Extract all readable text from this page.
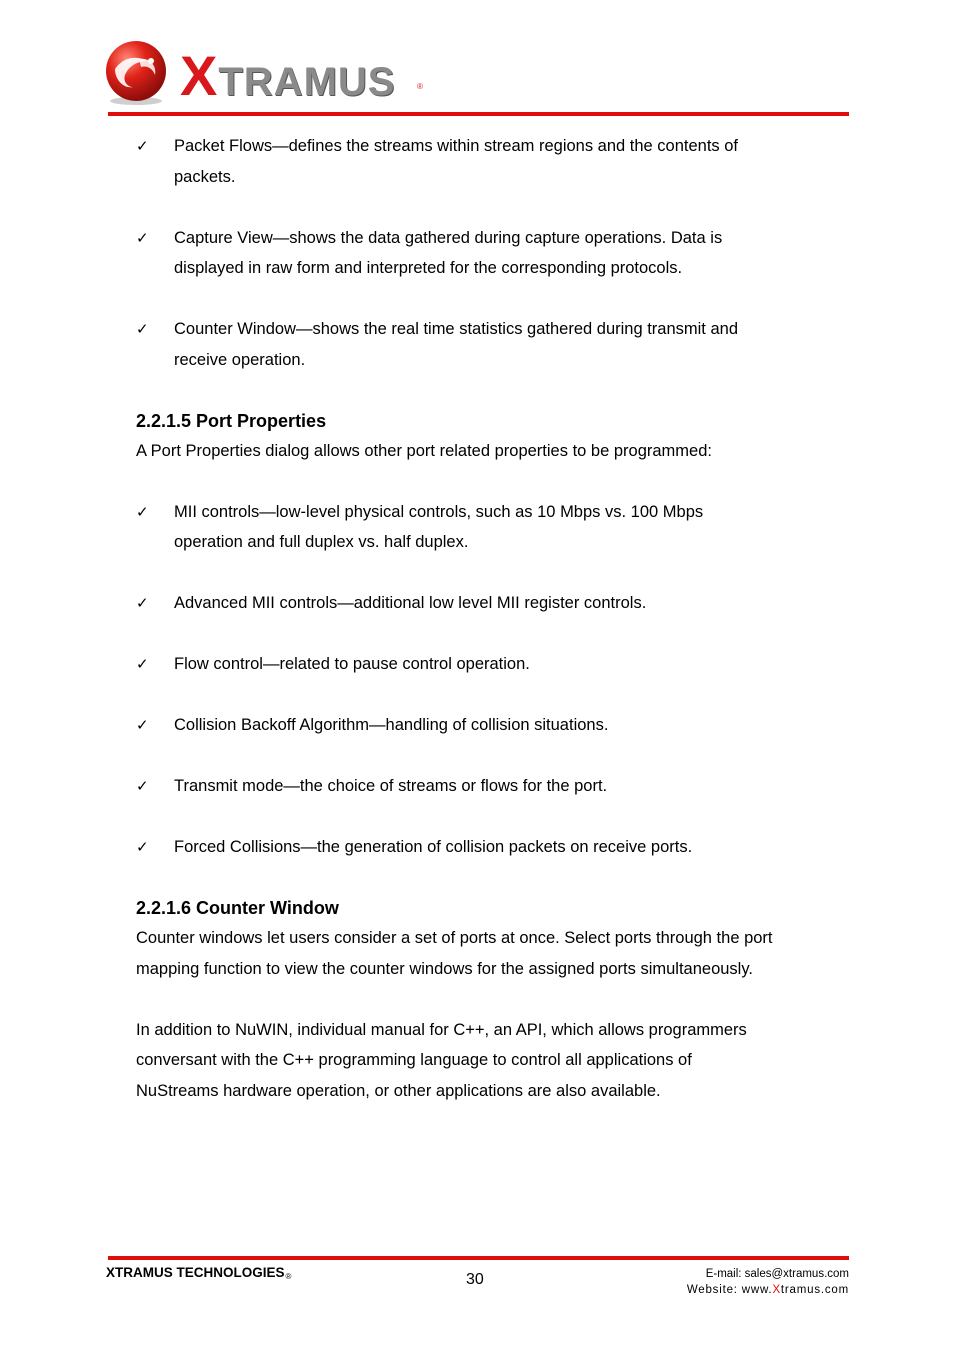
XTRAMUS	®
✓ Packet Flows—defines the streams within stream regions and the contents of
packets.
✓ Capture View—shows the data gathered during capture operations. Data is
displayed in raw form and interpreted for the corresponding protocols.
✓ Counter Window—shows the real time statistics gathered during transmit and
receive operation.
2.2.1.5 Port Properties

A Port Properties dialog allows other port related properties to be programmed:

✓ MII controls—low-level physical controls, such as 10 Mbps vs. 100 Mbps
operation and full duplex vs. half duplex.
✓ Advanced MII controls—additional low level MII register controls.
✓ Flow control—related to pause control operation.
✓ Collision Backoff Algorithm—handling of collision situations.
✓ Transmit mode—the choice of streams or flows for the port.
✓ Forced Collisions—the generation of collision packets on receive ports.
2.2.1.6 Counter Window

Counter windows let users consider a set of ports at once. Select ports through the port

mapping function to view the counter windows for the assigned ports simultaneously.

In addition to NuWIN, individual manual for C++, an API, which allows programmers

conversant with the C++ programming language to control all applications of

NuStreams hardware operation, or other applications are also available.

XTRAMUS TECHNOLOGIES®	30	E-mail: sales@xtramus.com
Website: www.Xtramus.com
